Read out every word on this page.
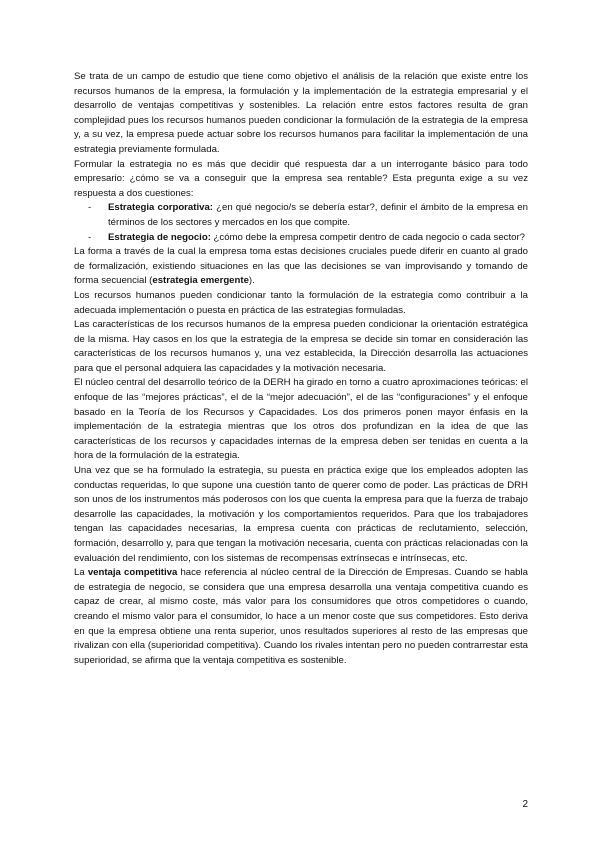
Se trata de un campo de estudio que tiene como objetivo el análisis de la relación que existe entre los recursos humanos de la empresa, la formulación y la implementación de la estrategia empresarial y el desarrollo de ventajas competitivas y sostenibles. La relación entre estos factores resulta de gran complejidad pues los recursos humanos pueden condicionar la formulación de la estrategia de la empresa y, a su vez, la empresa puede actuar sobre los recursos humanos para facilitar la implementación de una estrategia previamente formulada.

Formular la estrategia no es más que decidir qué respuesta dar a un interrogante básico para todo empresario: ¿cómo se va a conseguir que la empresa sea rentable? Esta pregunta exige a su vez respuesta a dos cuestiones:

- Estrategia corporativa: ¿en qué negocio/s se debería estar?, definir el ámbito de la empresa en términos de los sectores y mercados en los que compite.
- Estrategia de negocio: ¿cómo debe la empresa competir dentro de cada negocio o cada sector?

La forma a través de la cual la empresa toma estas decisiones cruciales puede diferir en cuanto al grado de formalización, existiendo situaciones en las que las decisiones se van improvisando y tomando de forma secuencial (estrategia emergente).

Los recursos humanos pueden condicionar tanto la formulación de la estrategia como contribuir a la adecuada implementación o puesta en práctica de las estrategias formuladas.

Las características de los recursos humanos de la empresa pueden condicionar la orientación estratégica de la misma. Hay casos en los que la estrategia de la empresa se decide sin tomar en consideración las características de los recursos humanos y, una vez establecida, la Dirección desarrolla las actuaciones para que el personal adquiera las capacidades y la motivación necesaria.

El núcleo central del desarrollo teórico de la DERH ha girado en torno a cuatro aproximaciones teóricas: el enfoque de las “mejores prácticas”, el de la “mejor adecuación”, el de las “configuraciones” y el enfoque basado en la Teoría de los Recursos y Capacidades. Los dos primeros ponen mayor énfasis en la implementación de la estrategia mientras que los otros dos profundizan en la idea de que las características de los recursos y capacidades internas de la empresa deben ser tenidas en cuenta a la hora de la formulación de la estrategia.

Una vez que se ha formulado la estrategia, su puesta en práctica exige que los empleados adopten las conductas requeridas, lo que supone una cuestión tanto de querer como de poder. Las prácticas de DRH son unos de los instrumentos más poderosos con los que cuenta la empresa para que la fuerza de trabajo desarrolle las capacidades, la motivación y los comportamientos requeridos. Para que los trabajadores tengan las capacidades necesarias, la empresa cuenta con prácticas de reclutamiento, selección, formación, desarrollo y, para que tengan la motivación necesaria, cuenta con prácticas relacionadas con la evaluación del rendimiento, con los sistemas de recompensas extrínsecas e intrínsecas, etc.

La ventaja competitiva hace referencia al núcleo central de la Dirección de Empresas. Cuando se habla de estrategia de negocio, se considera que una empresa desarrolla una ventaja competitiva cuando es capaz de crear, al mismo coste, más valor para los consumidores que otros competidores o cuando, creando el mismo valor para el consumidor, lo hace a un menor coste que sus competidores. Esto deriva en que la empresa obtiene una renta superior, unos resultados superiores al resto de las empresas que rivalizan con ella (superioridad competitiva). Cuando los rivales intentan pero no pueden contrarrestar esta superioridad, se afirma que la ventaja competitiva es sostenible.

2
